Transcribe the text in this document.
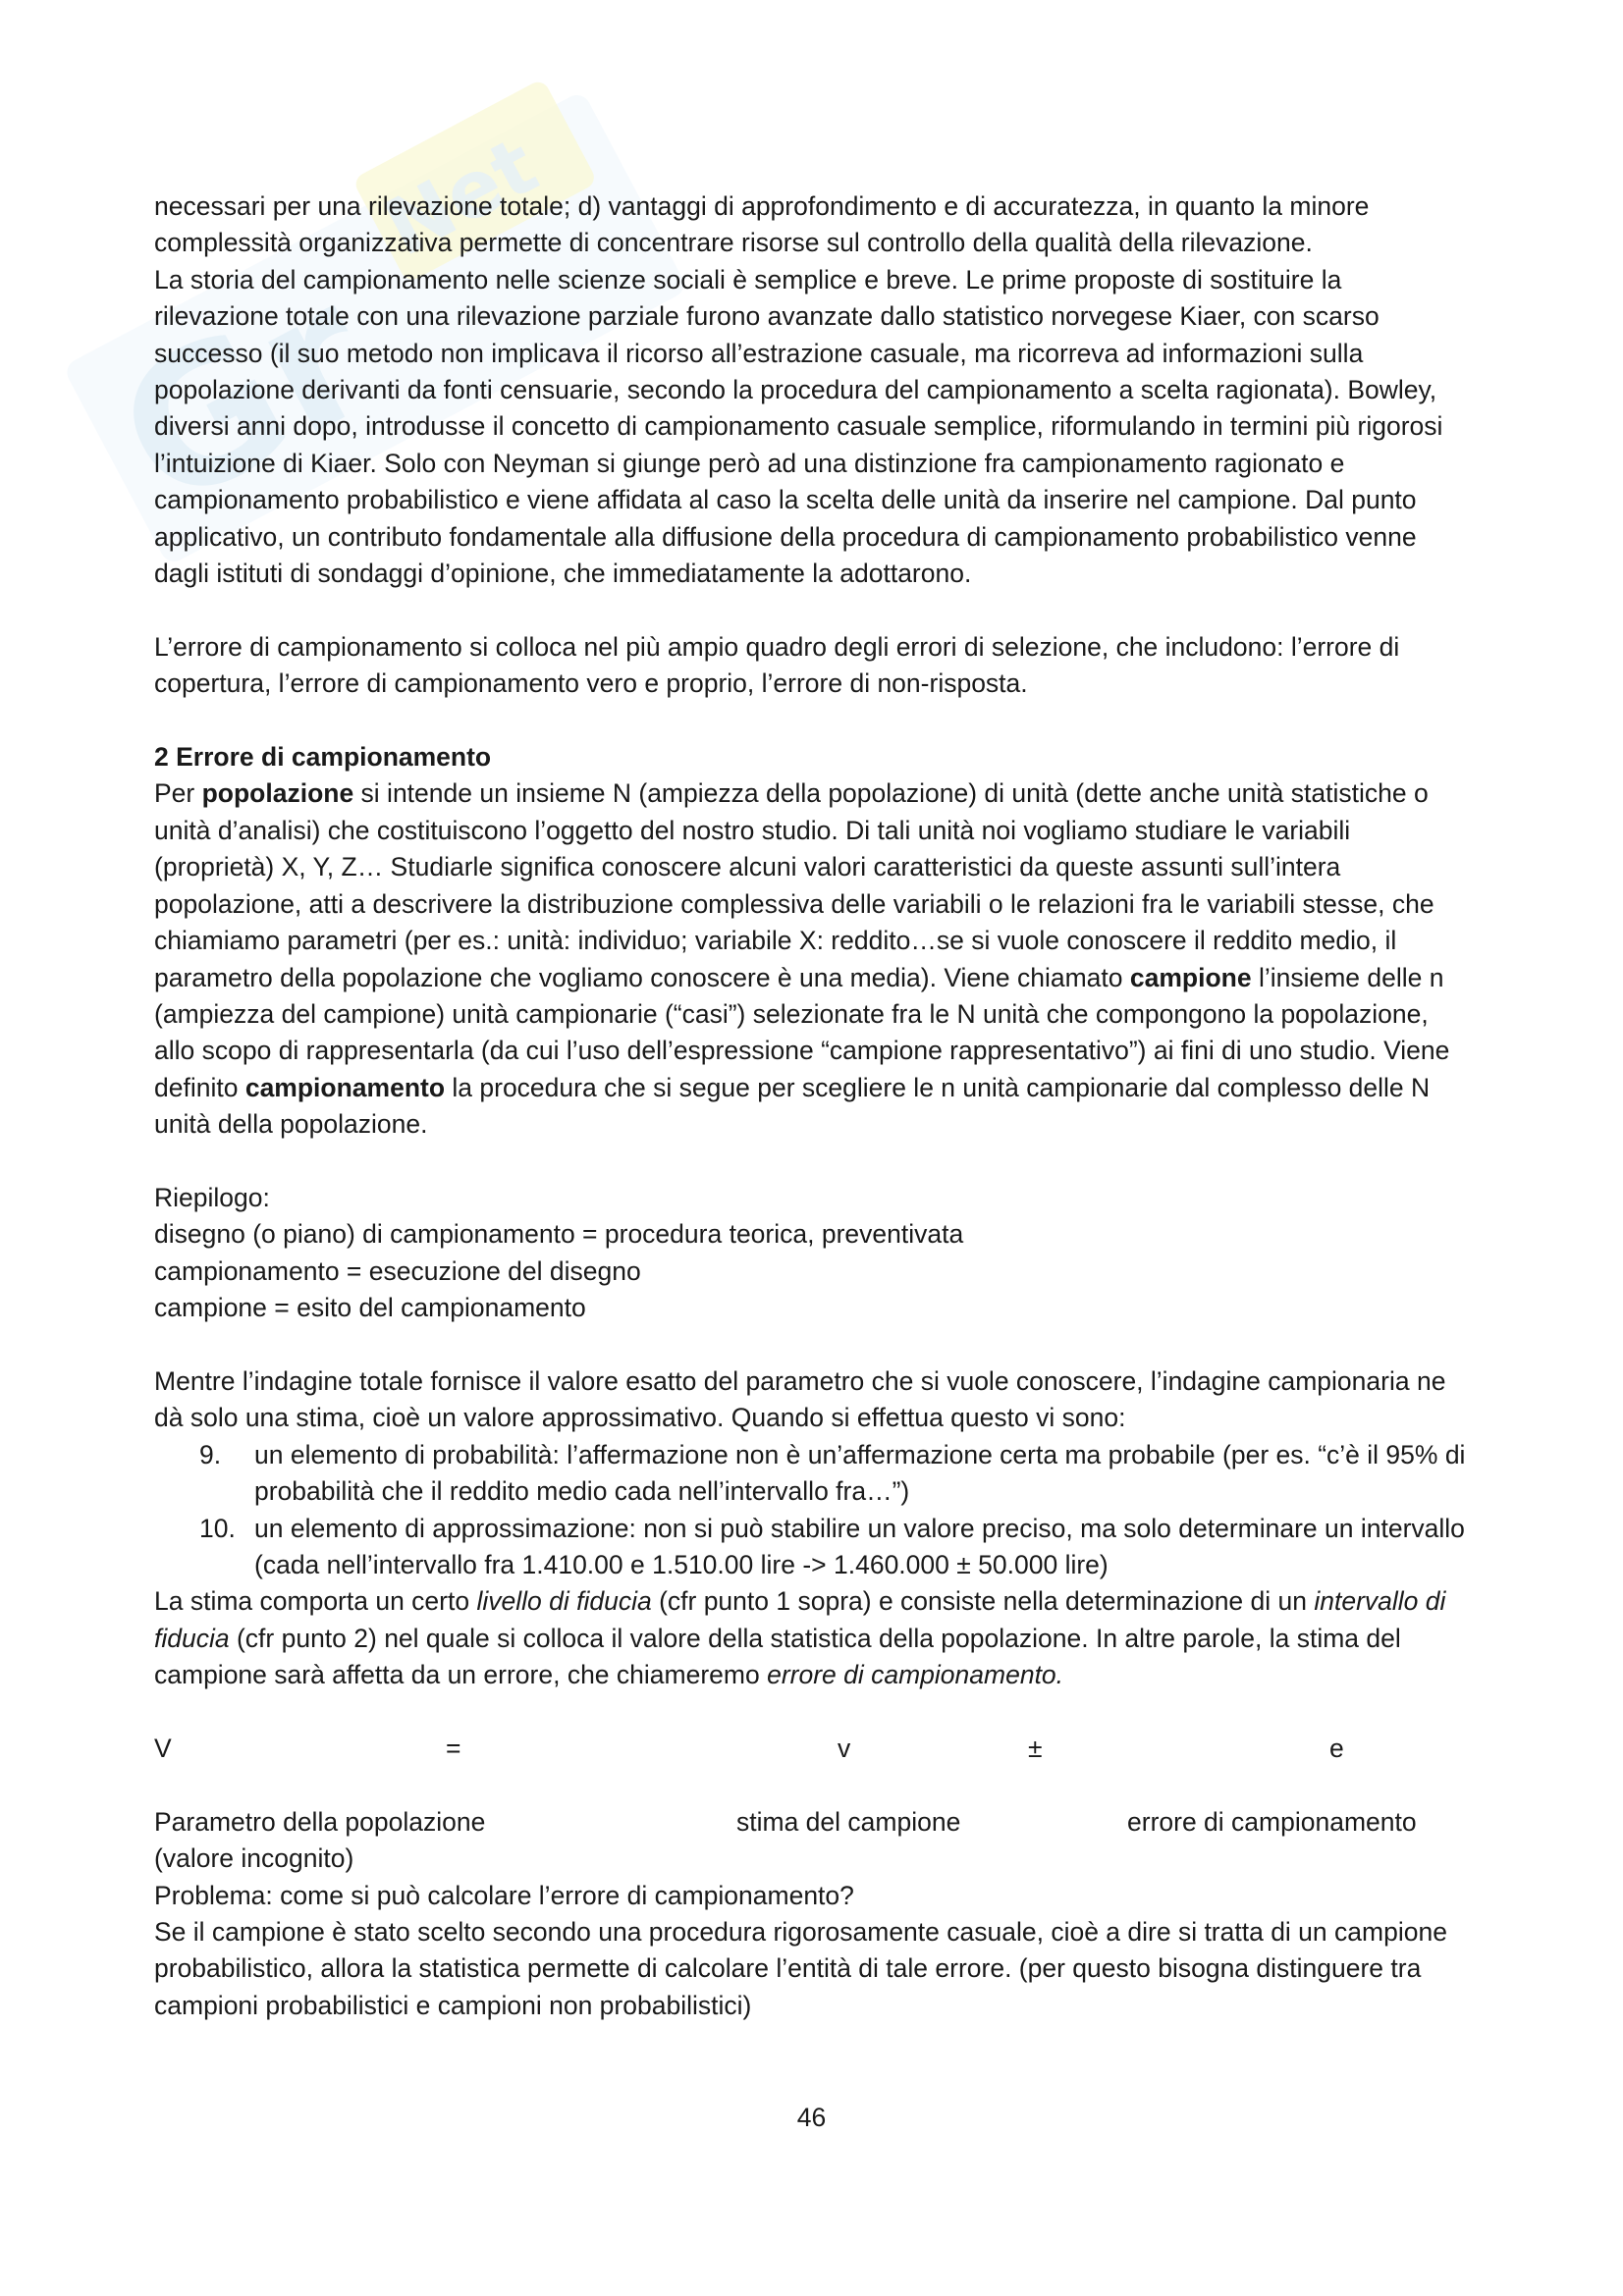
Gr
Net

necessari per una rilevazione totale; d) vantaggi di approfondimento e di accuratezza, in quanto la minore

complessità organizzativa permette di concentrare risorse sul controllo della qualità della rilevazione.

La storia del campionamento nelle scienze sociali è semplice e breve. Le prime proposte di sostituire la rilevazione totale con una rilevazione parziale furono avanzate dallo statistico norvegese Kiaer, con scarso successo (il suo metodo non implicava il ricorso all’estrazione casuale, ma ricorreva ad informazioni sulla popolazione derivanti da fonti censuarie, secondo la procedura del campionamento a scelta ragionata). Bowley, diversi anni dopo, introdusse il concetto di campionamento casuale semplice, riformulando in termini più rigorosi l’intuizione di Kiaer. Solo con Neyman si giunge però ad una distinzione fra campionamento ragionato e campionamento probabilistico e viene affidata al caso la scelta delle unità da inserire nel campione. Dal punto applicativo, un contributo fondamentale alla diffusione della procedura di campionamento probabilistico venne dagli istituti di sondaggi d’opinione, che immediatamente la adottarono.

L’errore di campionamento si colloca nel più ampio quadro degli errori di selezione, che includono: l’errore di copertura, l’errore di campionamento vero e proprio, l’errore di non-risposta.

2 Errore di campionamento

Per popolazione si intende un insieme N (ampiezza della popolazione) di unità (dette anche unità statistiche o unità d’analisi) che costituiscono l’oggetto del nostro studio. Di tali unità noi vogliamo studiare le variabili (proprietà) X, Y, Z… Studiarle significa conoscere alcuni valori caratteristici da queste assunti sull’intera popolazione, atti a descrivere la distribuzione complessiva delle variabili o le relazioni fra le variabili stesse, che chiamiamo parametri (per es.: unità: individuo; variabile X: reddito…se si vuole conoscere il reddito medio, il parametro della popolazione che vogliamo conoscere è una media). Viene chiamato campione l’insieme delle n (ampiezza del campione) unità campionarie (“casi”) selezionate fra le N unità che compongono la popolazione, allo scopo di rappresentarla (da cui l’uso dell’espressione “campione rappresentativo”) ai fini di uno studio. Viene definito campionamento la procedura che si segue per scegliere le n unità campionarie dal complesso delle N unità della popolazione.

Riepilogo:

disegno (o piano) di campionamento = procedura teorica, preventivata

campionamento = esecuzione del disegno

campione = esito del campionamento

Mentre l’indagine totale fornisce il valore esatto del parametro che si vuole conoscere, l’indagine campionaria ne dà solo una stima, cioè un valore approssimativo. Quando si effettua questo vi sono:

9. un elemento di probabilità: l’affermazione non è un’affermazione certa ma probabile (per es. “c’è il 95% di probabilità che il reddito medio cada nell’intervallo fra…”)
10. un elemento di approssimazione: non si può stabilire un valore preciso, ma solo determinare un intervallo (cada nell’intervallo fra 1.410.00 e 1.510.00 lire -> 1.460.000 ± 50.000 lire)

La stima comporta un certo livello di fiducia (cfr punto 1 sopra) e consiste nella determinazione di un intervallo di fiducia (cfr punto 2) nel quale si colloca il valore della statistica della popolazione. In altre parole, la stima del campione sarà affetta da un errore, che chiameremo errore di campionamento.

V	=	v	±	e
Parametro della popolazione	stima del campione	errore di campionamento

(valore incognito)

Problema: come si può calcolare l’errore di campionamento?

Se il campione è stato scelto secondo una procedura rigorosamente casuale, cioè a dire si tratta di un campione probabilistico, allora la statistica permette di calcolare l’entità di tale errore. (per questo bisogna distinguere tra campioni probabilistici e campioni non probabilistici)

46
